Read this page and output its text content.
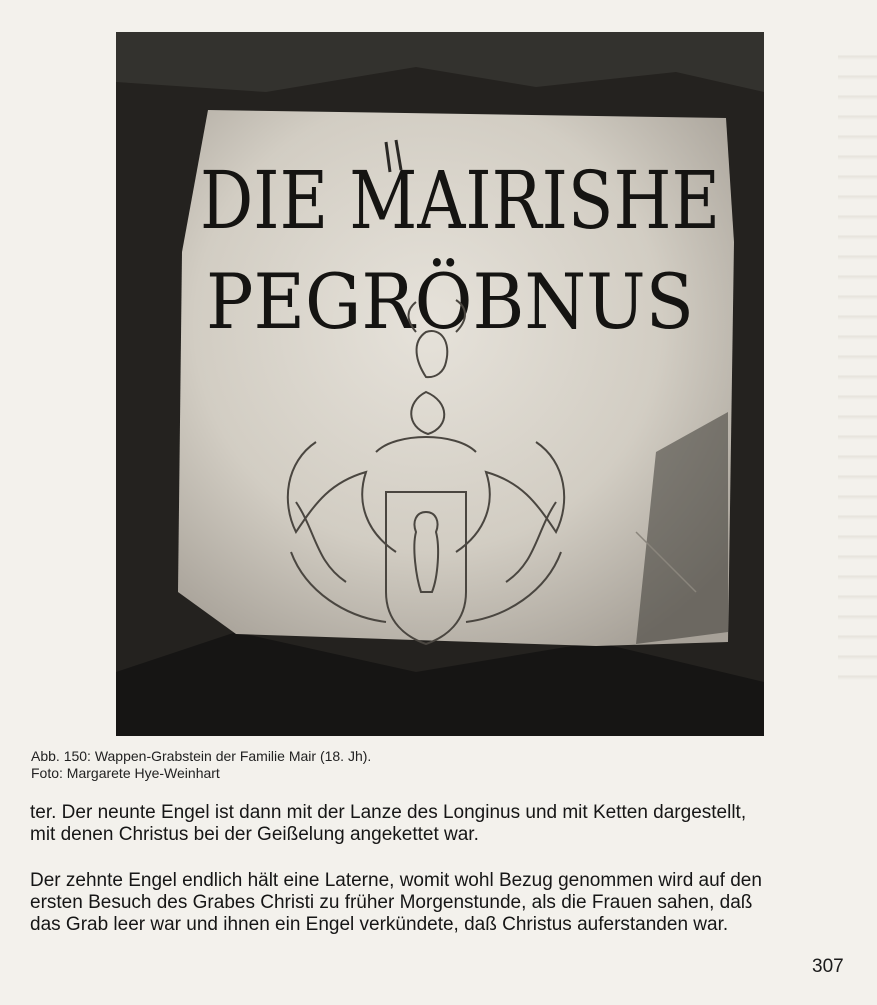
DIE MAIRISHE
PEGRÖBNUS
Abb. 150: Wappen-Grabstein der Familie Mair (18. Jh).
Foto: Margarete Hye-Weinhart
ter. Der neunte Engel ist dann mit der Lanze des Longinus und mit Ketten dargestellt,
mit denen Christus bei der Geißelung angekettet war.
Der zehnte Engel endlich hält eine Laterne, womit wohl Bezug genommen wird auf den
ersten Besuch des Grabes Christi zu früher Morgenstunde, als die Frauen sahen, daß
das Grab leer war und ihnen ein Engel verkündete, daß Christus auferstanden war.
307
